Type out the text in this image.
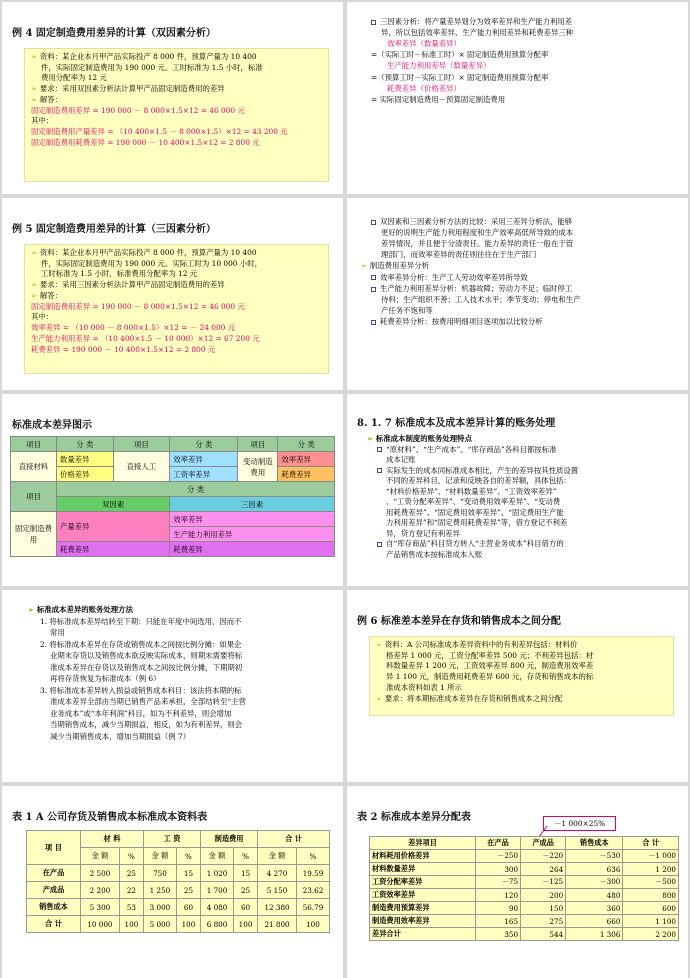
例 4 固定制造费用差异的计算（双因素分析）
➢ 资料：某企业本月甲产品实际投产 8 000 件，预算产量为 10 400
件，实际固定制造费用为 190 000 元。工时标准为 1.5 小时，标准
费用分配率为 12 元
➢ 要求：采用双因素分析法计算甲产品固定制造费用的差异
➢ 解答：
固定制造费用差异 = 190 000 － 8 000×1.5×12 = 46 000 元
其中：
固定制造费用产量差异 = （10 400×1.5 － 8 000×1.5）×12 = 43 200 元
固定制造费用耗费差异 = 190 000 － 10 400×1.5×12 = 2 800 元
三因素分析：将产量差异划分为效率差异和生产能力利用差
异，所以包括效率差异、生产能力利用差异和耗费差异三种
效率差异（数量差异）
=（实际工时－标准工时）× 固定制造费用预算分配率
生产能力利用差异（数量差异）
=（预算工时－实际工时）× 固定制造费用预算分配率
耗费差异（价格差异）
= 实际固定制造费用－预算固定制造费用
例 5 固定制造费用差异的计算（三因素分析）
➢ 资料：某企业本月甲产品实际投产 8 000 件，预算产量为 10 400
件，实际固定制造费用为 190 000 元。实际工时为 10 000 小时，
工时标准为 1.5 小时，标准费用分配率为 12 元
➢ 要求：采用三因素分析法计算甲产品固定制造费用的差异
➢ 解答：
固定制造费用差异 = 190 000 － 8 000×1.5×12 = 46 000 元
其中：
效率差异 = （10 000 － 8 000×1.5）×12 = － 24 000 元
生产能力利用差异 = （10 400×1.5 － 10 000）×12 = 67 200 元
耗费差异 = 190 000 － 10 400×1.5×12 = 2 800 元
双因素和三因素分析方法的比较：采用三差异分析法，能够
更好的说明生产能力利用程度和生产效率高低所导致的成本
差异情况，并且便于分清责任。能力差异的责任一般在于管
理部门，而效率差异的责任则往往在于生产部门
➢ 制造费用差异分析
效率差异分析：生产工人劳动效率差异所导致
生产能力利用差异分析：机器故障；劳动力不足；临时停工
待料；生产组织不善；工人技术水平；季节变动；停电和生产
产任务不饱和等
耗费差异分析：按费用明细项目逐项加以比较分析
标准成本差异图示
项目	分 类	项目	分 类	项目	分 类
直接材料	数量差异	直接人工	效率差异	变动制造费用	效率差异
	价格差异		工资率差异		耗费差异
项目	分 类				
	双因素		三因素		
固定制造费用	产量差异		效率差异		
			生产能力利用差异		
	耗费差异		耗费差异		
8. 1. 7 标准成本及成本差异计算的账务处理
➢ 标准成本制度的账务处理特点
“原材料”、“生产成本”、“库存商品”各科目都按标准
成本记账
实际发生的成本同标准成本相比，产生的差异按其性质设置
不同的差异科目，记录和反映各自的差异额，具体包括：
“材料价格差异”、“材料数量差异”、“工资效率差异”
、“工资分配率差异”、“变动费用效率差异”、“变动费
用耗费差异”、“固定费用效率差异”、“固定费用生产能
力利用差异”和“固定费用耗费差异”等，借方登记不利差
异，贷方登记有利差异
自“库存商品”科目贷方转入“主营业务成本”科目借方的
产品销售成本按标准成本入账
➢ 标准成本差异的账务处理方法
1. 将标准成本差异结转至下期：只能在年度中间选用，因而不
常用
2. 将标准成本差异在存货或销售成本之间按比例分摊：如果企
业期末存货以及销售成本欲反映实际成本，则期末需要将标
准成本差异在存货以及销售成本之间按比例分摊，下期期初
再将存货恢复为标准成本（例 6）
3. 将标准成本差异转入损益或销售成本科目：该法将本期的标
准成本差异全部由当期已销售产品来承担，全部结转至“主营
业务成本”或“本年利润”科目，如为不利差异，则会增加
当期销售成本，减少当期损益，相反，如为有利差异，则会
减少当期销售成本，增加当期损益（例 7）
例 6 标准差本差异在存货和销售成本之间分配
➢ 资料：A 公司标准成本差异资料中的有利差异包括：材料价
格差异 1 000 元，工资分配率差异 500 元；不利差异包括：材
料数量差异 1 200 元，工资效率差异 800 元，制造费用效率差
异 1 100 元，制造费用耗费差异 600 元，存货和销售成本的标
准成本资料如表 1 所示
➢ 要求：将本期标准成本差异在存货和销售成本之间分配
表 1 A 公司存货及销售成本标准成本资料表
项 目	材 料		工 资		制造费用		合 计	
	金 额	%	金 额	%	金 额	%	金 额	%
在产品	2 500	25	750	15	1 020	15	4 270	19.59
产成品	2 200	22	1 250	25	1 700	25	5 150	23.62
销售成本	5 300	53	3 000	60	4 080	60	12 380	56.79
合 计	10 000	100	5 000	100	6 800	100	21 800	100
表 2 标准成本差异分配表
－1 000×25%
差异项目	在产品	产成品	销售成本	合 计
材料耗用价格差异	－250	－220	－530	－1 000
材料数量差异	300	264	636	1 200
工资分配率差异	－75	－125	－300	－500
工资效率差异	120	200	480	800
制造费用预算差异	90	150	360	600
制造费用效率差异	165	275	660	1 100
差异合计	350	544	1 306	2 200
